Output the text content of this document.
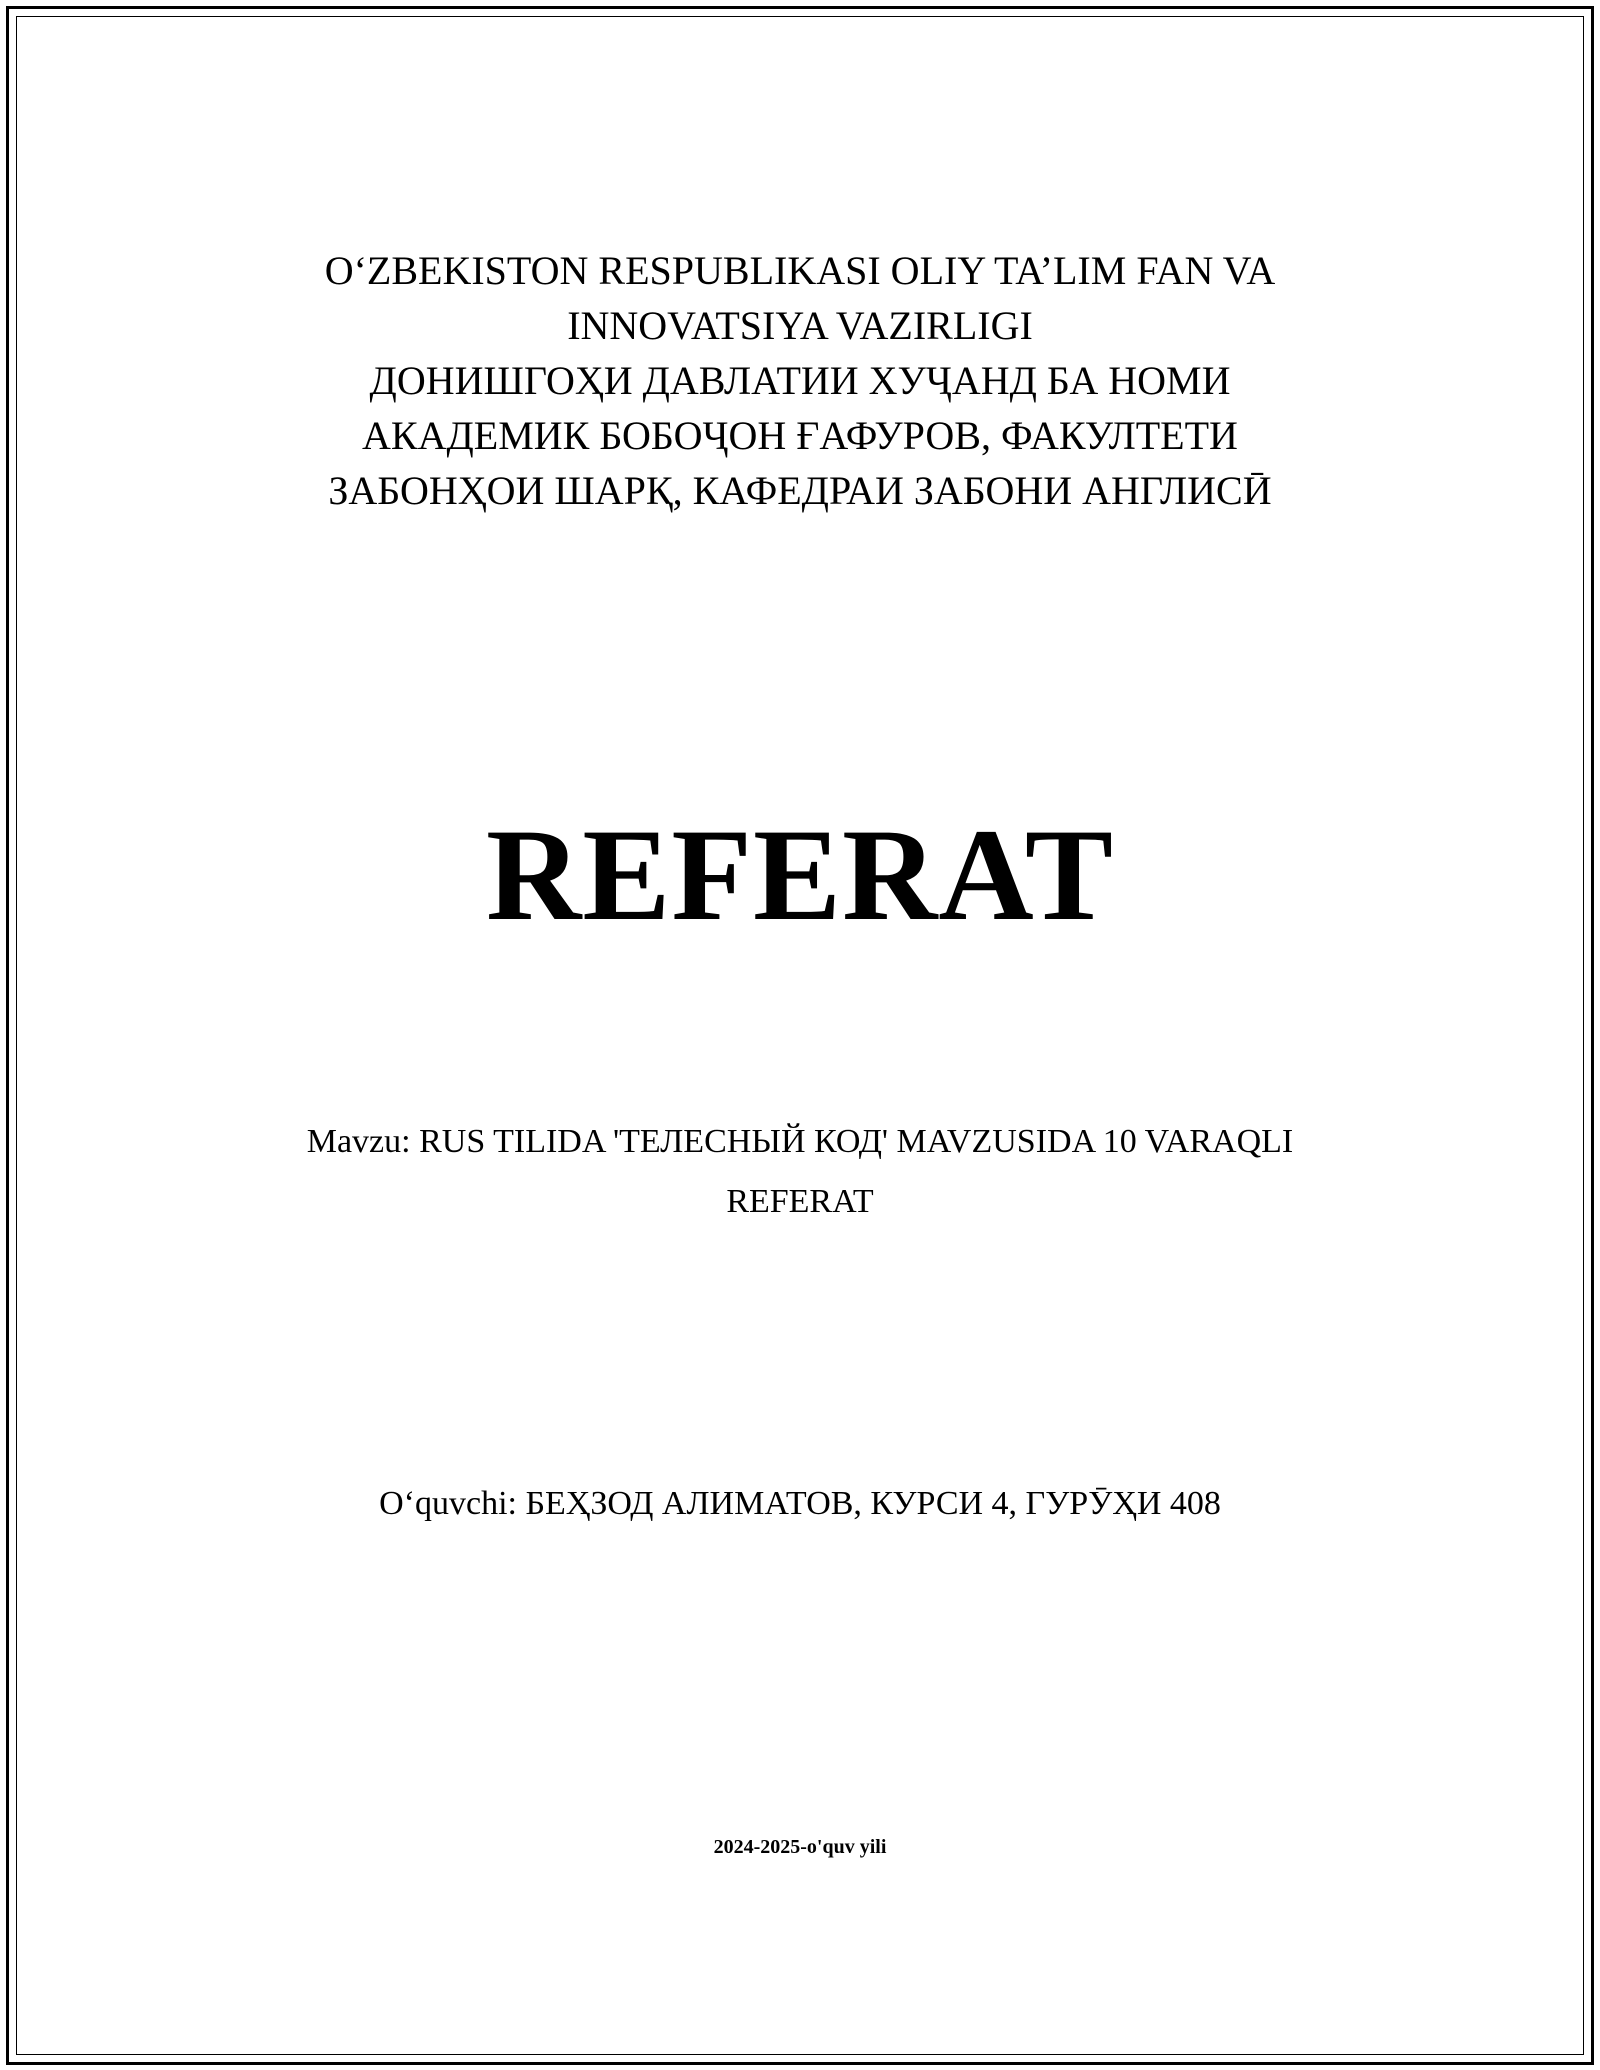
O‘ZBEKISTON RESPUBLIKASI OLIY TA’LIM FAN VA
INNOVATSIYA VAZIRLIGI
ДОНИШГОҲИ ДАВЛАТИИ ХУҶАНД БА НОМИ
АКАДЕМИК БОБОҶОН ҒАФУРОВ, ФАКУЛТЕТИ
ЗАБОНҲОИ ШАРҚ, КАФЕДРАИ ЗАБОНИ АНГЛИСӢ
REFERAT
Mavzu: RUS TILIDA 'ТЕЛЕСНЫЙ КОД' MAVZUSIDA 10 VARAQLI
REFERAT
O‘quvchi: БЕҲЗОД АЛИМАТОВ, КУРСИ 4, ГУРӮҲИ 408
2024-2025-o'quv yili
